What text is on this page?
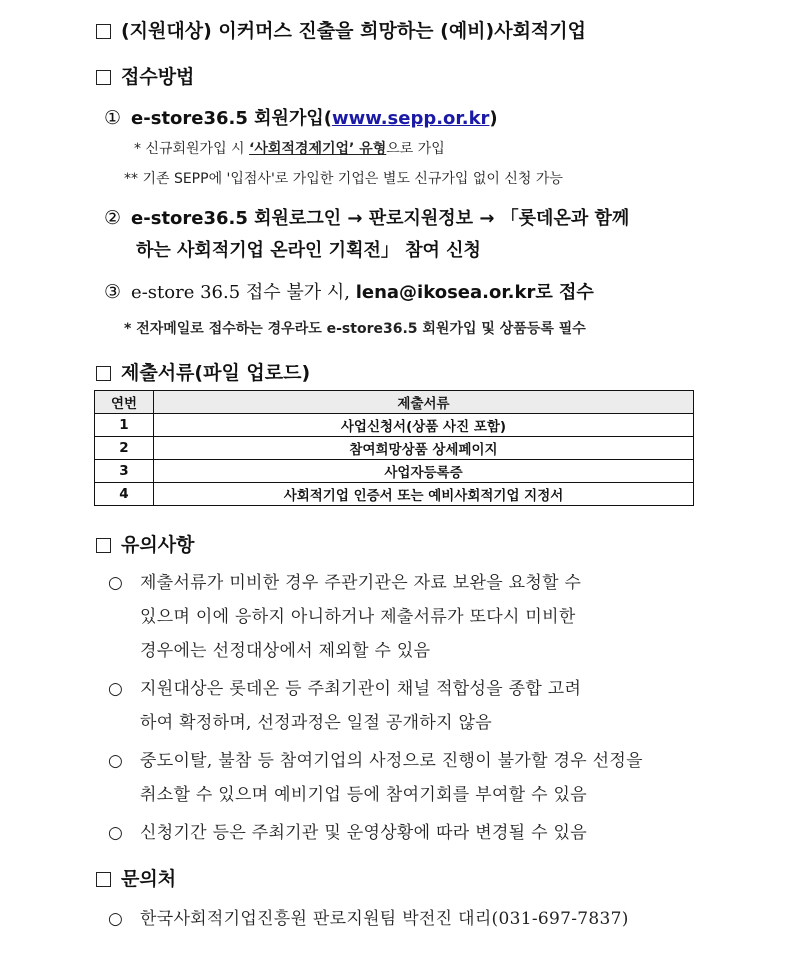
(지원대상) 이커머스 진출을 희망하는 (예비)사회적기업
접수방법
① e-store36.5 회원가입(www.sepp.or.kr)
* 신규회원가입 시 ‘사회적경제기업’ 유형으로 가입
** 기존 SEPP에 '입점사'로 가입한 기업은 별도 신규가입 없이 신청 가능
② e-store36.5 회원로그인 → 판로지원정보 → 「롯데온과 함께
하는 사회적기업 온라인 기획전」 참여 신청
③ e-store 36.5 접수 불가 시, lena@ikosea.or.kr로 접수
* 전자메일로 접수하는 경우라도 e-store36.5 회원가입 및 상품등록 필수
제출서류(파일 업로드)
연번	제출서류
1	사업신청서(상품 사진 포함)
2	참여희망상품 상세페이지
3	사업자등록증
4	사회적기업 인증서 또는 예비사회적기업 지정서
유의사항
○ 제출서류가 미비한 경우 주관기관은 자료 보완을 요청할 수
있으며 이에 응하지 아니하거나 제출서류가 또다시 미비한
경우에는 선정대상에서 제외할 수 있음
○ 지원대상은 롯데온 등 주최기관이 채널 적합성을 종합 고려
하여 확정하며, 선정과정은 일절 공개하지 않음
○ 중도이탈, 불참 등 참여기업의 사정으로 진행이 불가할 경우 선정을
취소할 수 있으며 예비기업 등에 참여기회를 부여할 수 있음
○ 신청기간 등은 주최기관 및 운영상황에 따라 변경될 수 있음
문의처
○ 한국사회적기업진흥원 판로지원팀 박전진 대리(031-697-7837)
